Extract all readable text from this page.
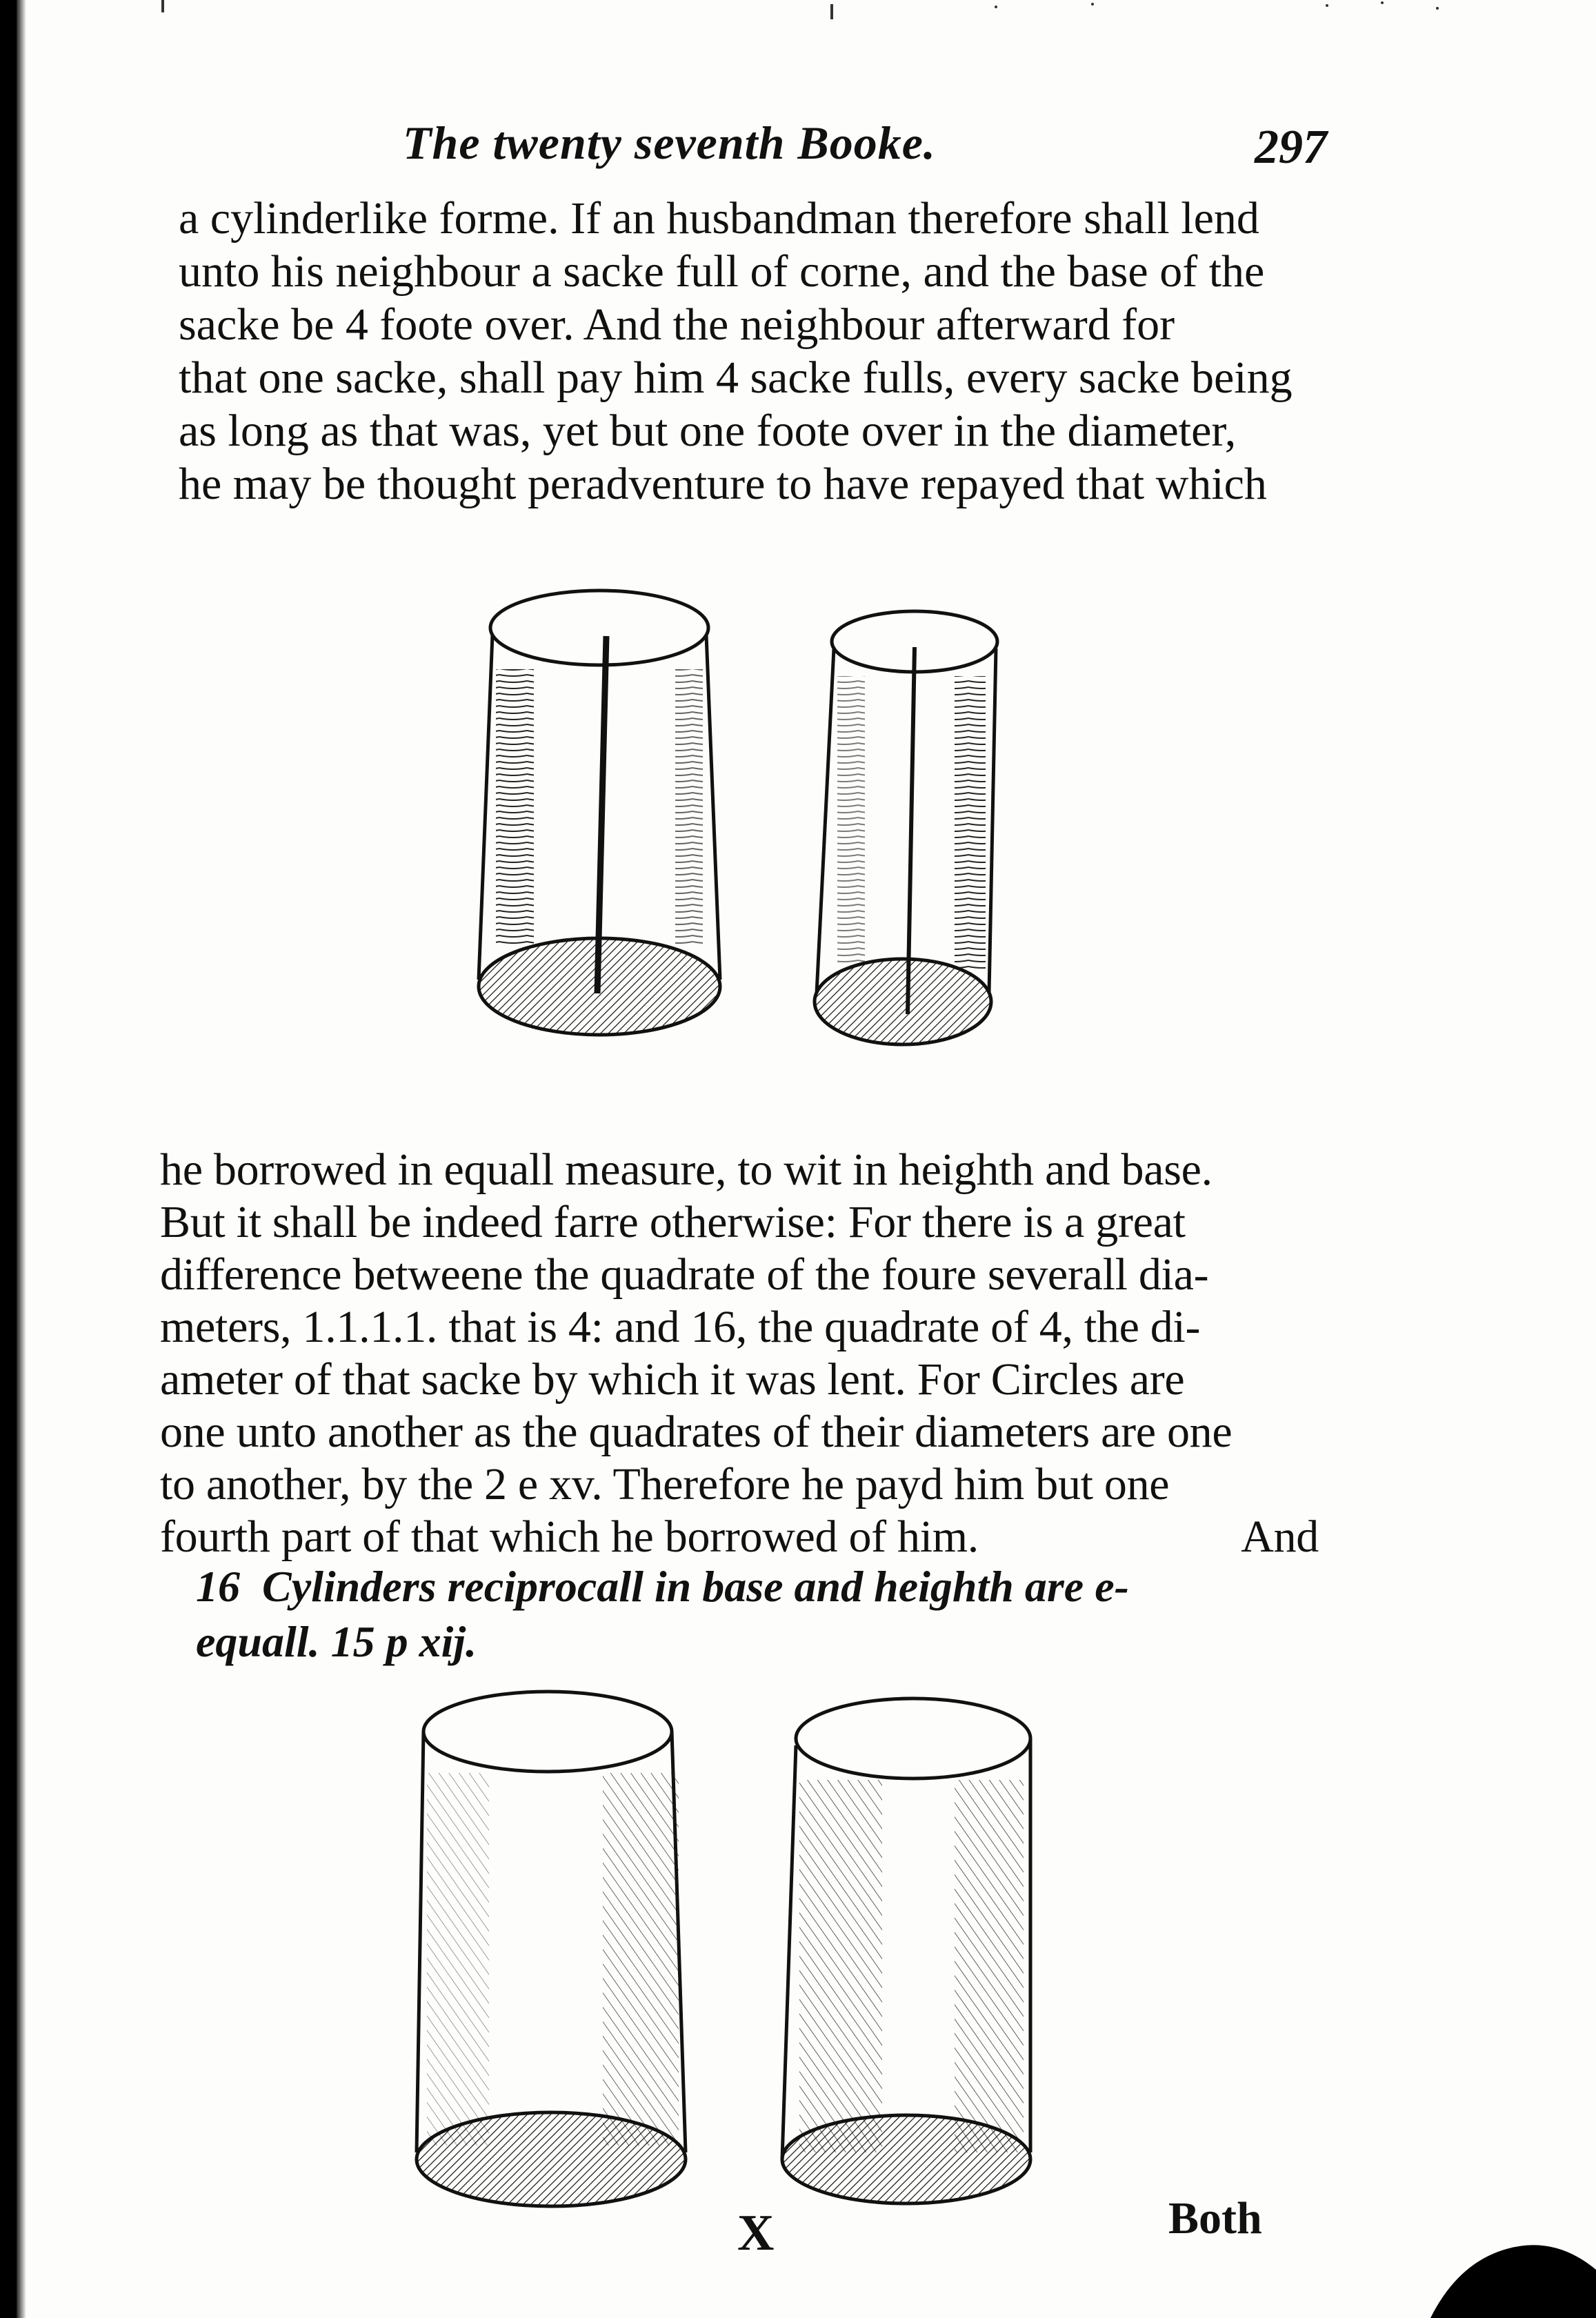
The twenty seventh Booke.	297
a cylinderlike forme. If an husbandman therefore shall lend
unto his neighbour a sacke full of corne, and the base of the
sacke be 4 foote over. And the neighbour afterward for
that one sacke, shall pay him 4 sacke fulls, every sacke being
as long as that was, yet but one foote over in the diameter,
he may be thought peradventure to have repayed that which
he borrowed in equall measure, to wit in heighth and base.
But it shall be indeed farre otherwise: For there is a great
difference betweene the quadrate of the foure severall dia-
meters, 1.1.1.1. that is 4: and 16, the quadrate of 4, the di-
ameter of that sacke by which it was lent. For Circles are
one unto another as the quadrates of their diameters are one
to another, by the 2 e xv. Therefore he payd him but one
fourth part of that which he borrowed of him.	And
16 Cylinders reciprocall in base and heighth are e-
equall. 15 p xij.
X	Both
